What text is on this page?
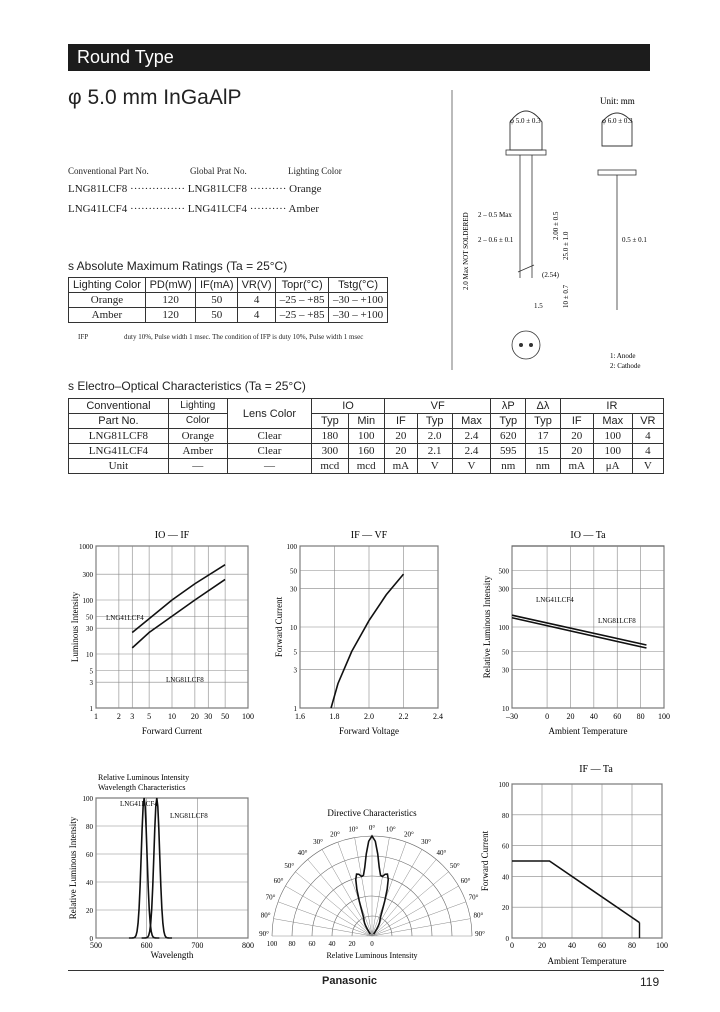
Round Type
φ 5.0 mm InGaAlP
Conventional Part No.	Global Prat No.	Lighting Color
LNG81LCF8 ··············· LNG81LCF8 ·········· Orange
LNG41LCF4 ··············· LNG41LCF4 ·········· Amber
s Absolute Maximum Ratings (Ta = 25°C)
Lighting Color	PD(mW)	IF(mA)	VR(V)	Topr(°C)	Tstg(°C)
Orange	120	50	4	–25 – +85	–30 – +100
Amber	120	50	4	–25 – +85	–30 – +100
IFP	duty 10%, Pulse width 1 msec. The condition of IFP is duty 10%, Pulse width 1 msec
Unit: mm
φ 5.0 ± 0.3	φ 6.0 ± 0.3
2 – 0.5 Max
2 – 0.6 ± 0.1
2.0 Max NOT SOLDERED	2.00 ± 0.5
25.0 ± 1.0
(2.54)
0.5 ± 0.1
1.5	10 ± 0.7
1: Anode
2: Cathode
s Electro–Optical Characteristics (Ta = 25°C)
Conventional	Lighting	Lens Color	IO		VF			λP	Δλ	IR		
Part No.	Color		Typ	Min	IF	Typ	Max	Typ	Typ	IF	Max	VR
LNG81LCF8	Orange	Clear	180	100	20	2.0	2.4	620	17	20	100	4
LNG41LCF4	Amber	Clear	300	160	20	2.1	2.4	595	15	20	100	4
Unit	—	—	mcd	mcd	mA	V	V	nm	nm	mA	μA	V
IO — IF
Forward Current
Luminous Intensity
1 2 3 5 10 20 30 50 100
1
3
5
10
30
50
100
300
1000
LNG41LCF4
LNG81LCF8
IF — VF
Forward Voltage
Forward Current
1.6	1.8	2.0	2.2	2.4
1
3
5
10
30
50
100
IO — Ta
Ambient Temperature
Relative Luminous Intensity
–30	0 20 40 60 80 100
10
30
50
100
300
500
LNG41LCF4
LNG81LCF8
Relative Luminous Intensity
Wavelength Characteristics
Wavelength
Relative Luminous Intensity
500	600	700	800
0
20
40
60
80
100
LNG41LCF4
LNG81LCF8	Directive Characteristics
0° 10°
10°
20°
20°
30°
30°
40°
40°
50°
50°
60°
60°
70°
70°
80°
80°
90°
90°
100 80 60 40 20 0
Relative Luminous Intensity
Ambient Temperature
Forward Current
IF — Ta
0	20	40	60	80	100
0
20
40
60
80
100
Panasonic	119
